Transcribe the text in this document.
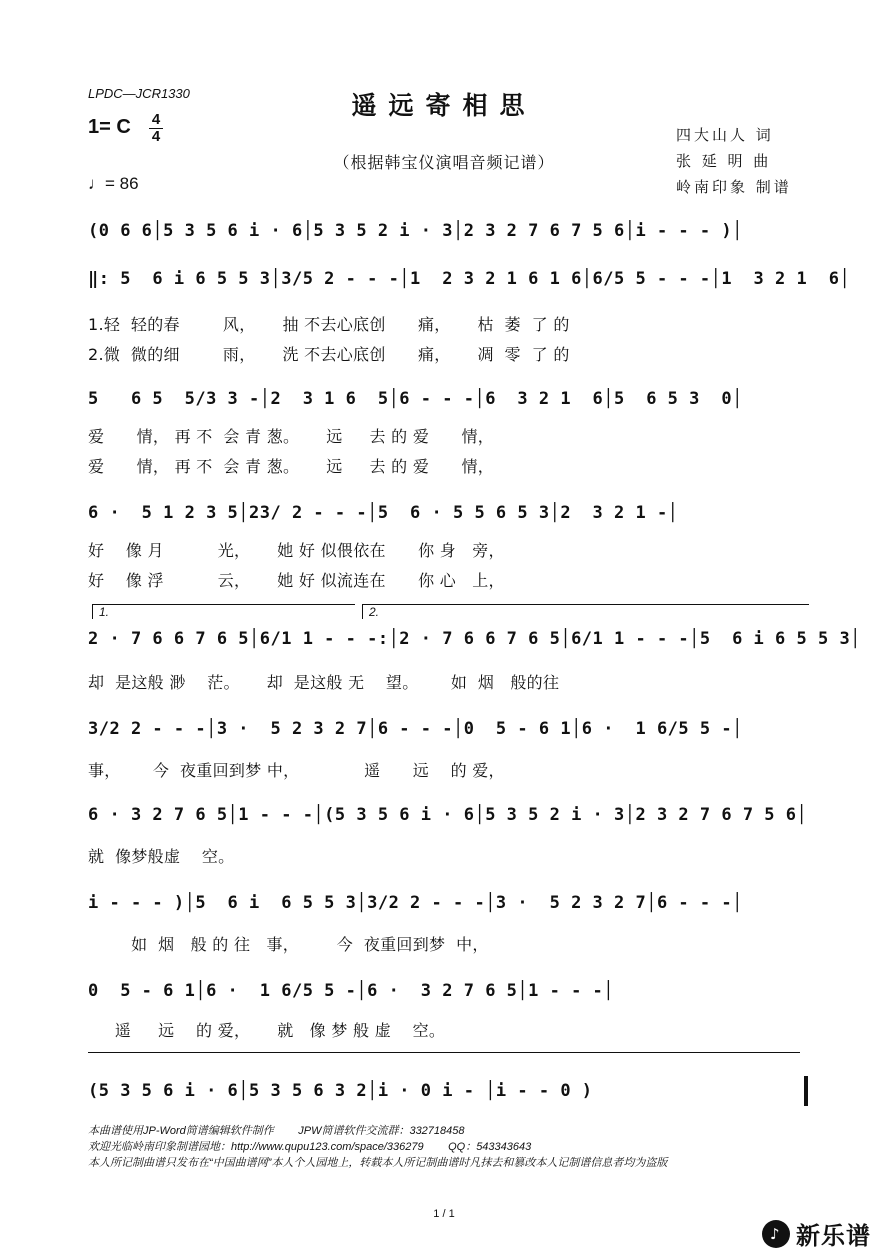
LPDC—JCR1330	遥远寄相思
1= C 4
4
♩= 86
（根据韩宝仪演唱音频记谱）
四大山人 词
张 延 明 曲
岭南印象 制谱
(0 6 6│5 3 5 6 i · 6│5 3 5 2 i · 3│2 3 2 7 6 7 5 6│i - - - )│
‖: 5  6 i 6 5 5 3│3/5 2 - - -│1  2 3 2 1 6 1 6│6/5 5 - - -│1  3 2 1  6│
1.轻  轻的春        风，     抽 不去心底创      痛，     枯  萎  了 的
2.微  微的细        雨，     洗 不去心底创      痛，     凋  零  了 的
5   6 5  5/3 3 -│2  3 1 6  5│6 - - -│6  3 2 1  6│5  6 5 3  0│
爱      情， 再 不  会 青 葱。     远     去 的 爱      情，
爱      情， 再 不  会 青 葱。     远     去 的 爱      情，
6 ·  5 1 2 3 5│23/ 2 - - -│5  6 · 5 5 6 5 3│2  3 2 1 -│
好    像 月          光，     她 好 似偎依在      你 身   旁，
好    像 浮          云，     她 好 似流连在      你 心   上，
1.	2.
2 · 7 6 6 7 6 5│6/1 1 - - -:│2 · 7 6 6 7 6 5│6/1 1 - - -│5  6 i 6 5 5 3│
却  是这般 渺    茫。     却  是这般 无    望。      如  烟   般的往
3/2 2 - - -│3 ·  5 2 3 2 7│6 - - -│0  5 - 6 1│6 ·  1 6/5 5 -│
事，      今  夜重回到梦 中，            遥      远    的 爱，
6 · 3 2 7 6 5│1 - - -│(5 3 5 6 i · 6│5 3 5 2 i · 3│2 3 2 7 6 7 5 6│
就  像梦般虚    空。
i - - - )│5  6 i  6 5 5 3│3/2 2 - - -│3 ·  5 2 3 2 7│6 - - -│
如  烟   般 的 往   事，       今  夜重回到梦  中，
0  5 - 6 1│6 ·  1 6/5 5 -│6 ·  3 2 7 6 5│1 - - -│
遥     远    的 爱，     就   像 梦 般 虚    空。
(5 3 5 6 i · 6│5 3 5 6 3 2│i · 0 i - │i - - 0 )
本曲谱使用JP-Word简谱编辑软件制作        JPW简谱软件交流群：332718458
欢迎光临岭南印象制谱园地：http://www.qupu123.com/space/336279        QQ：543343643
本人所记制曲谱只发布在“中国曲谱网”本人个人园地上，转载本人所记制曲谱时凡抹去和篡改本人记制谱信息者均为盗版
1 / 1
♪ 新乐谱
